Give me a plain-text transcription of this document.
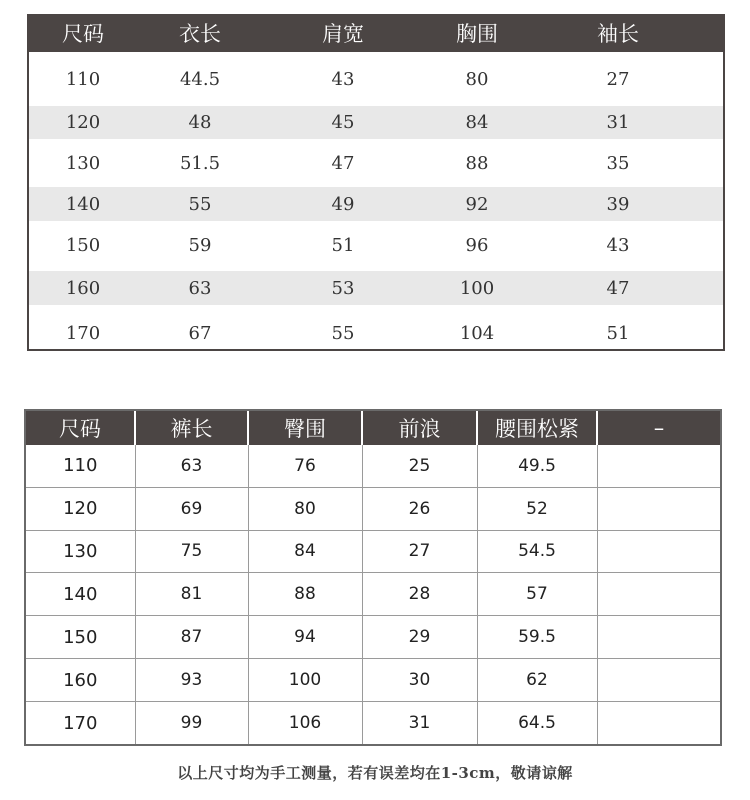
尺码	衣长	肩宽	胸围	袖长
110	44.5	43	80	27
120	48	45	84	31
130	51.5	47	88	35
140	55	49	92	39
150	59	51	96	43
160	63	53	100	47
170	67	55	104	51
尺码	裤长	臀围	前浪	腰围松紧	–
110	63	76	25	49.5	
120	69	80	26	52	
130	75	84	27	54.5	
140	81	88	28	57	
150	87	94	29	59.5	
160	93	100	30	62	
170	99	106	31	64.5	
以上尺寸均为手工测量，若有误差均在1-3cm，敬请谅解
